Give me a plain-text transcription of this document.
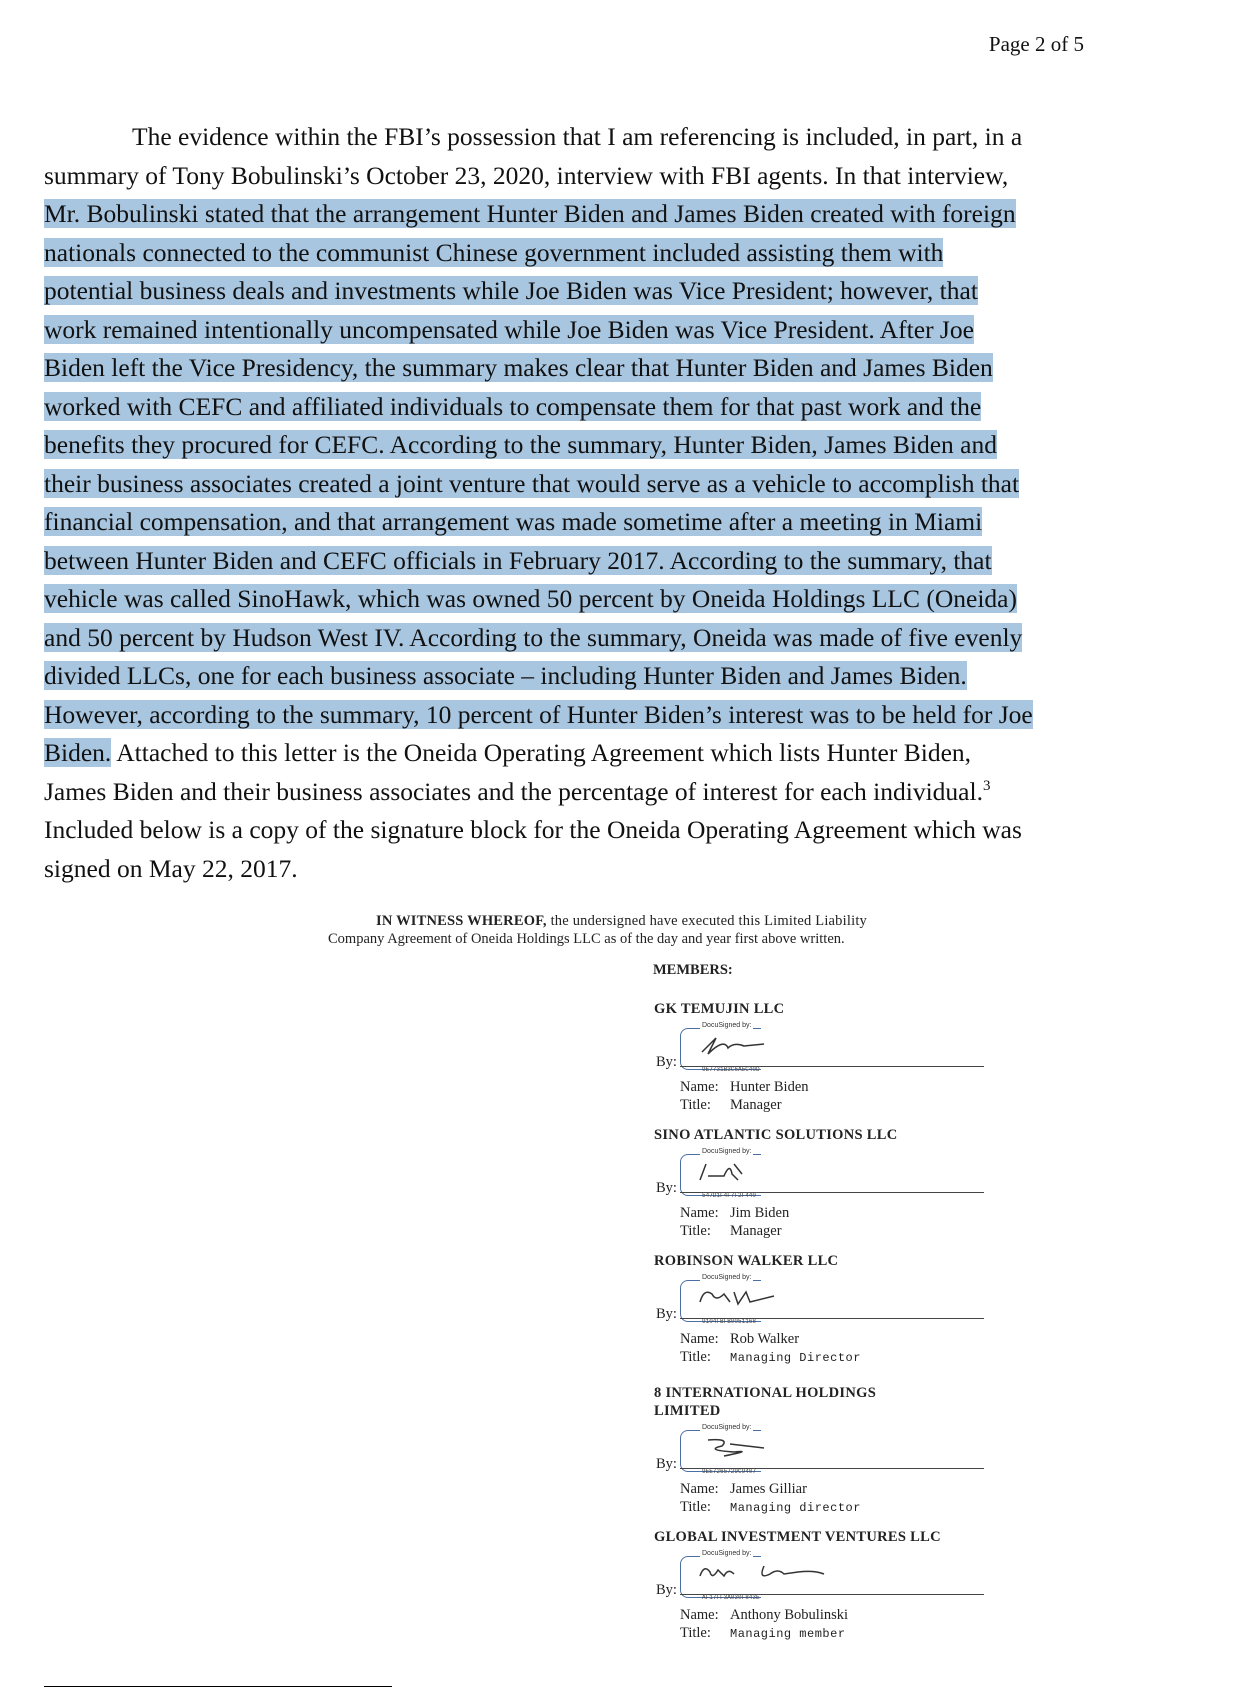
Page 2 of 5
The evidence within the FBI’s possession that I am referencing is included, in part, in a
summary of Tony Bobulinski’s October 23, 2020, interview with FBI agents. In that interview,
Mr. Bobulinski stated that the arrangement Hunter Biden and James Biden created with foreign
nationals connected to the communist Chinese government included assisting them with
potential business deals and investments while Joe Biden was Vice President; however, that
work remained intentionally uncompensated while Joe Biden was Vice President. After Joe
Biden left the Vice Presidency, the summary makes clear that Hunter Biden and James Biden
worked with CEFC and affiliated individuals to compensate them for that past work and the
benefits they procured for CEFC. According to the summary, Hunter Biden, James Biden and
their business associates created a joint venture that would serve as a vehicle to accomplish that
financial compensation, and that arrangement was made sometime after a meeting in Miami
between Hunter Biden and CEFC officials in February 2017. According to the summary, that
vehicle was called SinoHawk, which was owned 50 percent by Oneida Holdings LLC (Oneida)
and 50 percent by Hudson West IV. According to the summary, Oneida was made of five evenly
divided LLCs, one for each business associate – including Hunter Biden and James Biden.
However, according to the summary, 10 percent of Hunter Biden’s interest was to be held for Joe
Biden. Attached to this letter is the Oneida Operating Agreement which lists Hunter Biden,
James Biden and their business associates and the percentage of interest for each individual.$^3$
Included below is a copy of the signature block for the Oneida Operating Agreement which was
signed on May 22, 2017.
IN WITNESS WHEREOF, the undersigned have executed this Limited Liability
Company Agreement of Oneida Holdings LLC as of the day and year first above written.
MEMBERS:
GK TEMUJIN LLC
By:
DocuSigned by:
9E7731B3C6A5C40D
Name: Hunter Biden
Title: Manager
SINO ATLANTIC SOLUTIONS LLC
By:
DocuSigned by:
547D1F4F7F2F440
Name: Jim Biden
Title: Manager
ROBINSON WALKER LLC
By:
DocuSigned by:
9104FBFB0051168
Name: Rob Walker
Title: Managing Director
8 INTERNATIONAL HOLDINGS
LIMITED
By:
DocuSigned by:
9EE7265729C9407
Name: James Gilliar
Title: Managing director
GLOBAL INVESTMENT VENTURES LLC
By:
DocuSigned by:
AF17FF3A030F843E
Name: Anthony Bobulinski
Title: Managing member
